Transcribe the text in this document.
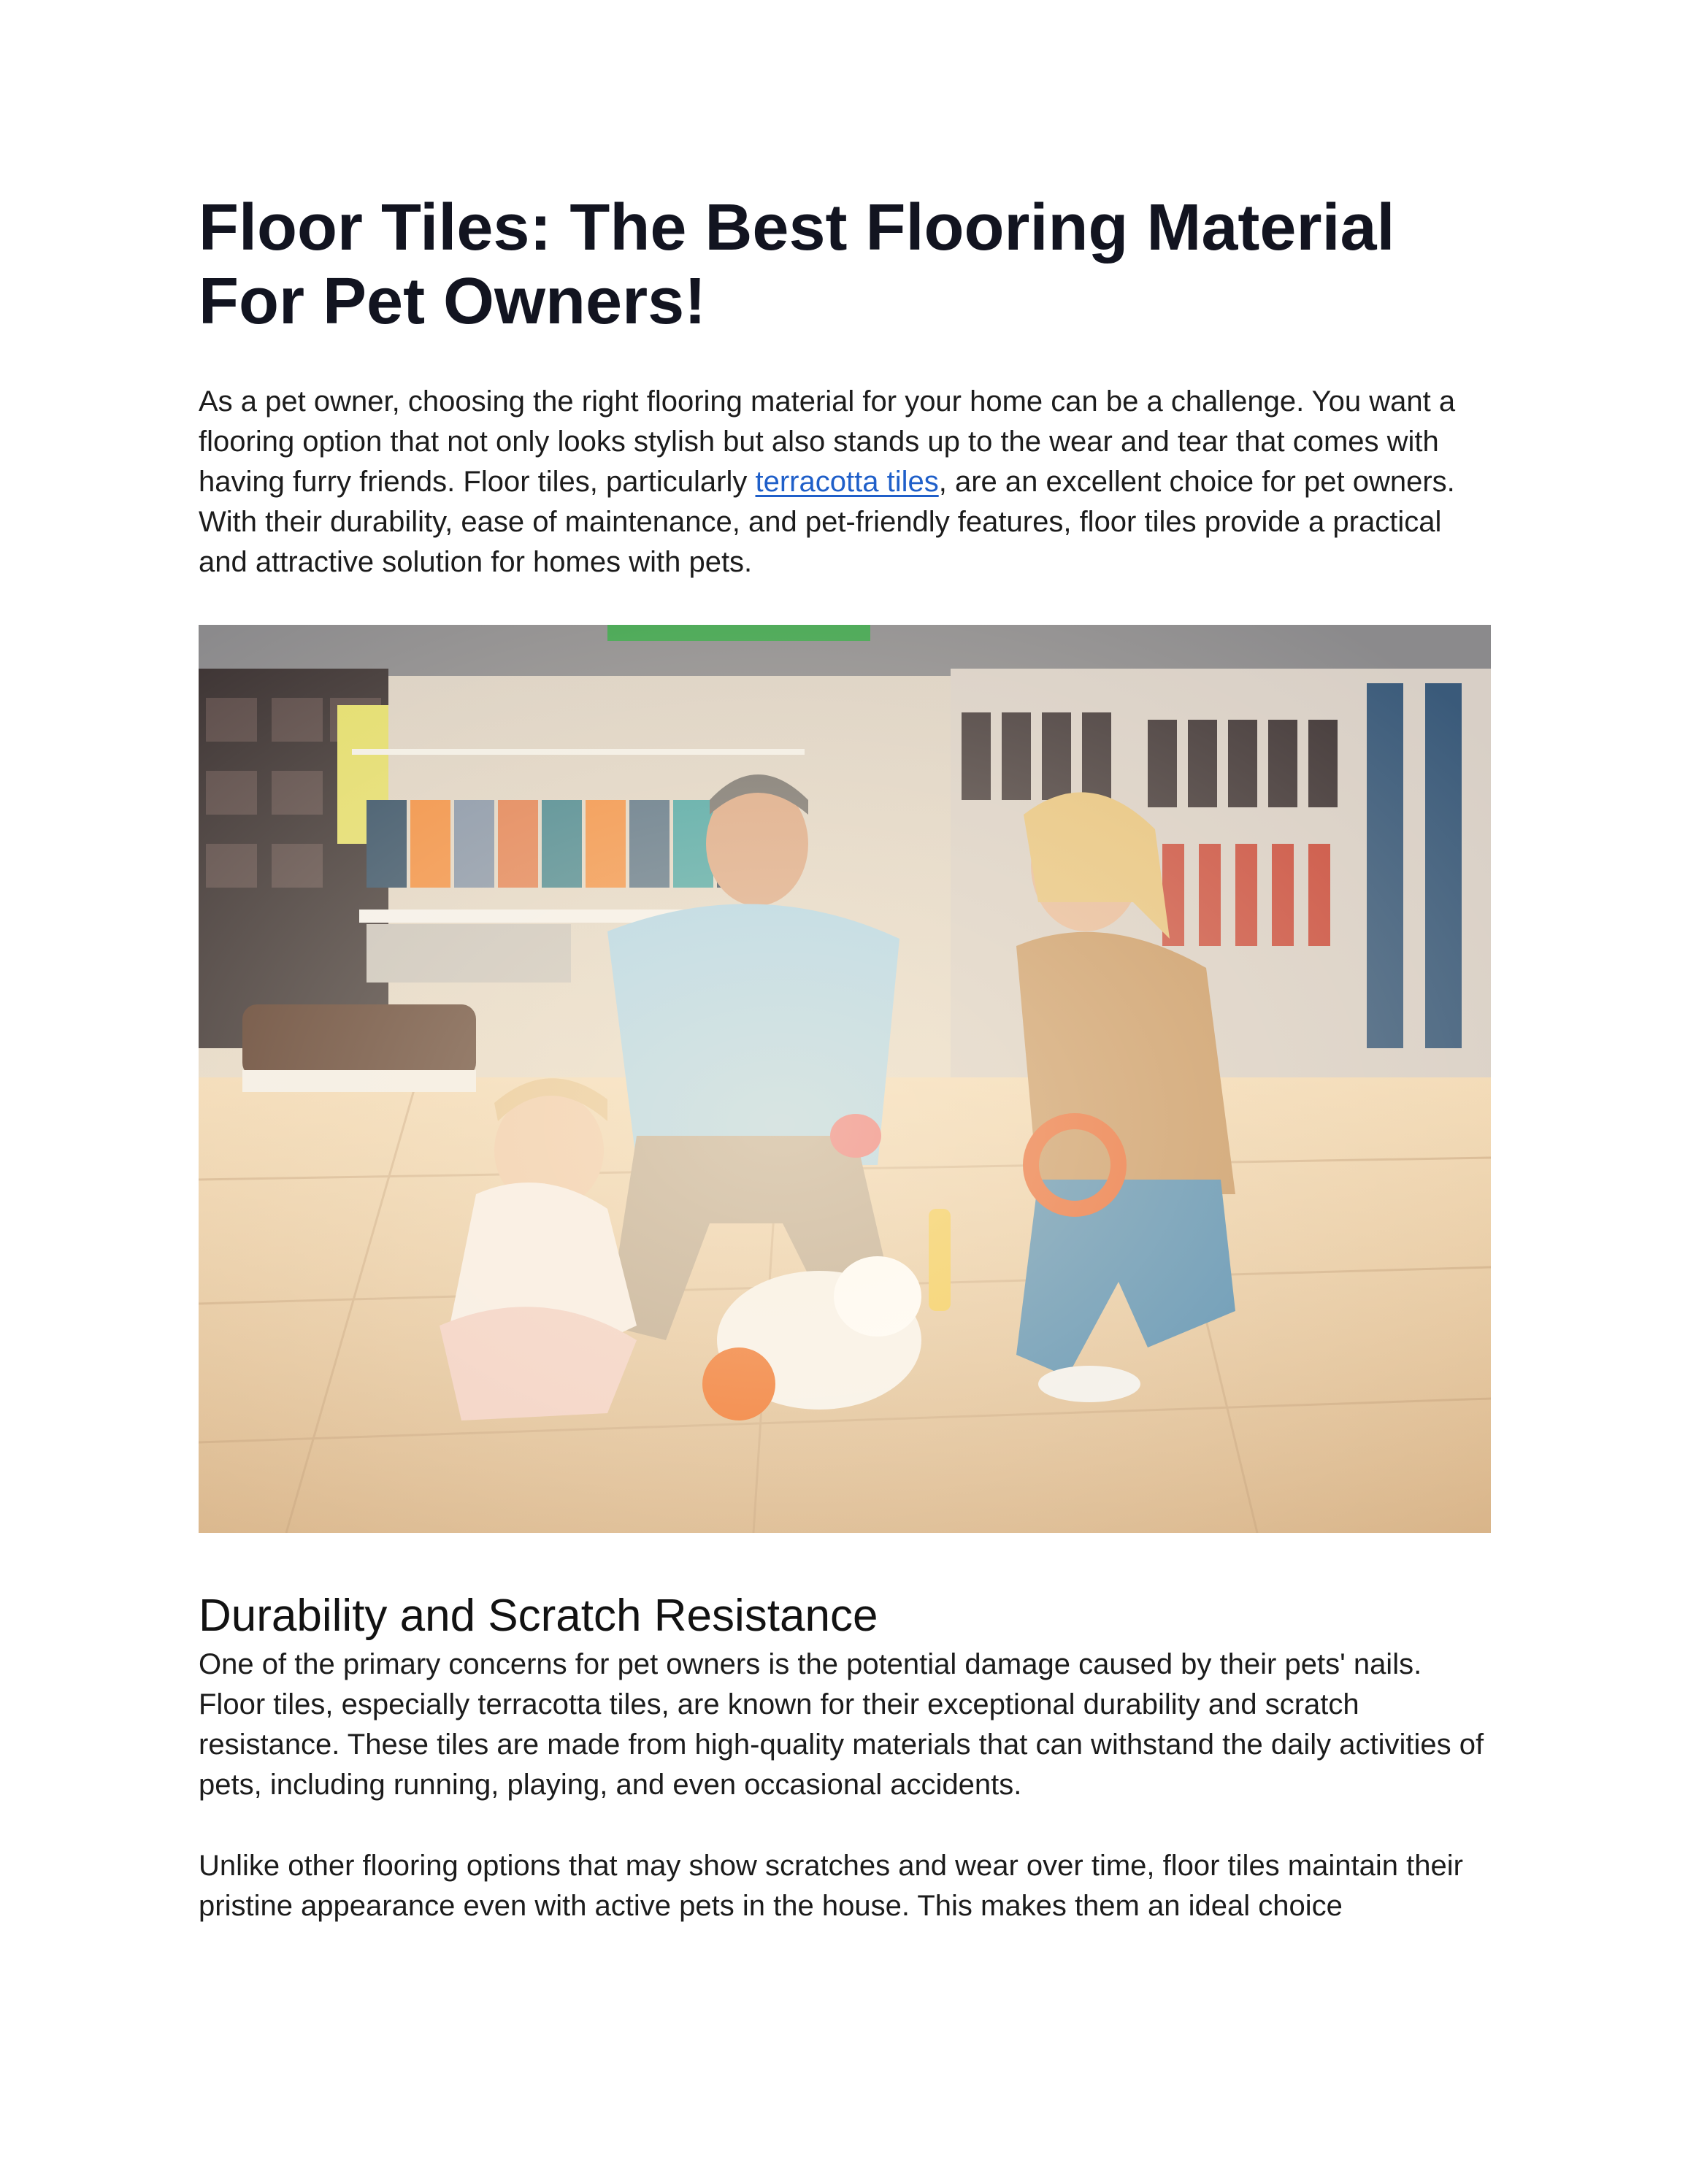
Floor Tiles: The Best Flooring Material For Pet Owners!

As a pet owner, choosing the right flooring material for your home can be a challenge. You want a flooring option that not only looks stylish but also stands up to the wear and tear that comes with having furry friends. Floor tiles, particularly terracotta tiles, are an excellent choice for pet owners. With their durability, ease of maintenance, and pet-friendly features, floor tiles provide a practical and attractive solution for homes with pets.

Durability and Scratch Resistance

One of the primary concerns for pet owners is the potential damage caused by their pets' nails. Floor tiles, especially terracotta tiles, are known for their exceptional durability and scratch resistance. These tiles are made from high-quality materials that can withstand the daily activities of pets, including running, playing, and even occasional accidents.

Unlike other flooring options that may show scratches and wear over time, floor tiles maintain their pristine appearance even with active pets in the house. This makes them an ideal choice
